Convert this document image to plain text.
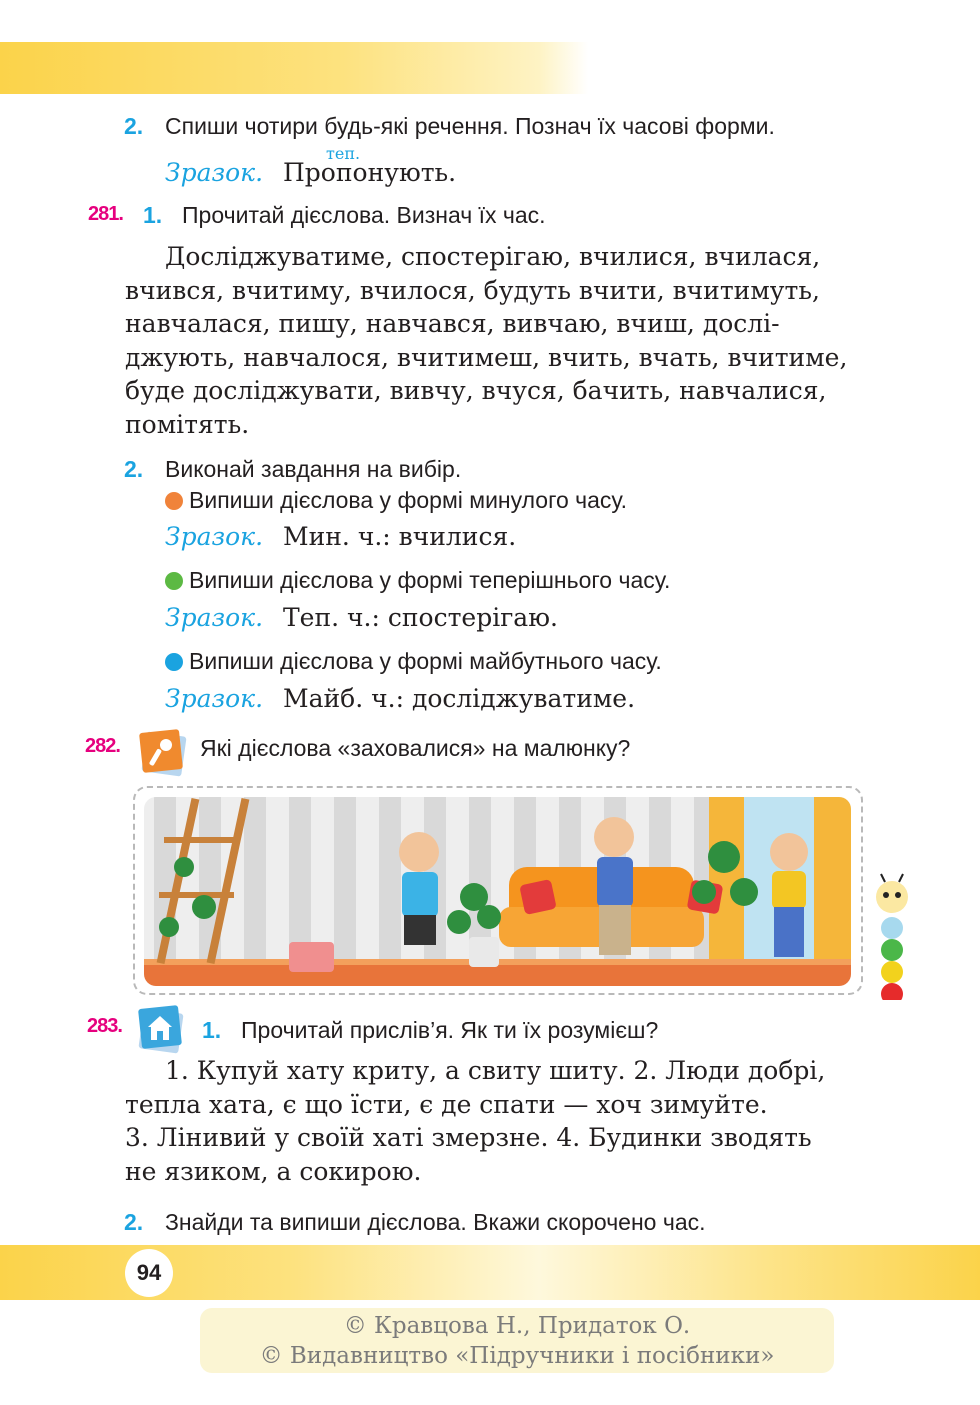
2. Спиши чотири будь-які речення. Познач їх часові форми.
Зразок. Пропонують.
теп.
281. 1. Прочитай дієслова. Визнач їх час.
Досліджуватиме, спостерігаю, вчилися, вчилася,
вчився, вчитиму, вчилося, будуть вчити, вчитимуть,
навчалася, пишу, навчався, вивчаю, вчиш, дослі-
джують, навчалося, вчитимеш, вчить, вчать, вчитиме,
буде досліджувати, вивчу, вчуся, бачить, навчалися,
помітять.
2. Виконай завдання на вибір.
Випиши дієслова у формі минулого часу.
Зразок. Мин. ч.: вчилися.
Випиши дієслова у формі теперішнього часу.
Зразок. Теп. ч.: спостерігаю.
Випиши дієслова у формі майбутнього часу.
Зразок. Майб. ч.: досліджуватиме.
282.	Які дієслова «заховалися» на малюнку?
283.	1. Прочитай прислів’я. Як ти їх розумієш?
1. Купуй хату криту, а свиту шиту. 2. Люди добрі,
тепла хата, є що їсти, є де спати — хоч зимуйте.
3. Лінивий у своїй хаті змерзне. 4. Будинки зводять
не язиком, а сокирою.
2. Знайди та випиши дієслова. Вкажи скорочено час.
94
© Кравцова Н., Придаток О.
© Видавництво «Підручники і посібники»
